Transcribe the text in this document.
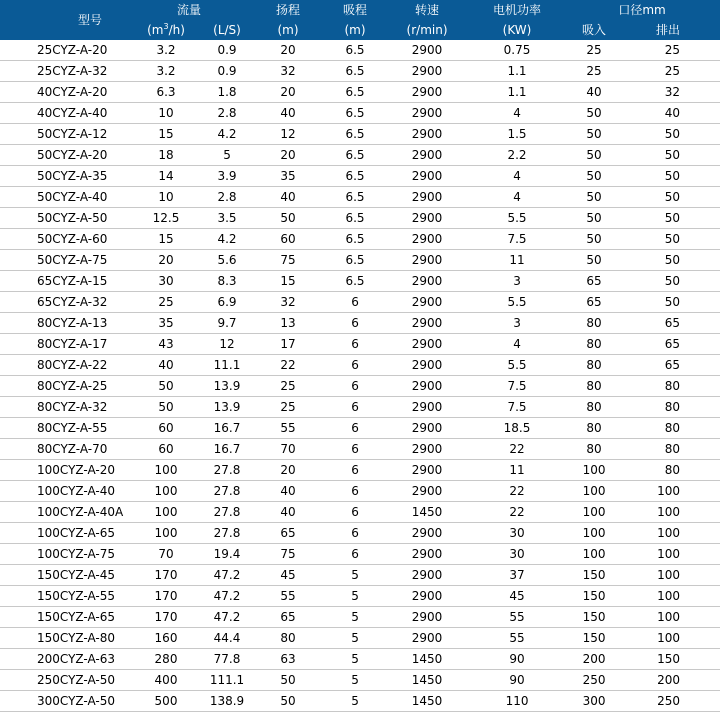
型号	流量		扬程	吸程	转速	电机功率	口径mm	
	$(m^3/h)$	(L/S)	(m)	(m)	(r/min)	(KW)	吸入	排出
25CYZ-A-20	3.2	0.9	20	6.5	2900	0.75	25	25
25CYZ-A-32	3.2	0.9	32	6.5	2900	1.1	25	25
40CYZ-A-20	6.3	1.8	20	6.5	2900	1.1	40	32
40CYZ-A-40	10	2.8	40	6.5	2900	4	50	40
50CYZ-A-12	15	4.2	12	6.5	2900	1.5	50	50
50CYZ-A-20	18	5	20	6.5	2900	2.2	50	50
50CYZ-A-35	14	3.9	35	6.5	2900	4	50	50
50CYZ-A-40	10	2.8	40	6.5	2900	4	50	50
50CYZ-A-50	12.5	3.5	50	6.5	2900	5.5	50	50
50CYZ-A-60	15	4.2	60	6.5	2900	7.5	50	50
50CYZ-A-75	20	5.6	75	6.5	2900	11	50	50
65CYZ-A-15	30	8.3	15	6.5	2900	3	65	50
65CYZ-A-32	25	6.9	32	6	2900	5.5	65	50
80CYZ-A-13	35	9.7	13	6	2900	3	80	65
80CYZ-A-17	43	12	17	6	2900	4	80	65
80CYZ-A-22	40	11.1	22	6	2900	5.5	80	65
80CYZ-A-25	50	13.9	25	6	2900	7.5	80	80
80CYZ-A-32	50	13.9	25	6	2900	7.5	80	80
80CYZ-A-55	60	16.7	55	6	2900	18.5	80	80
80CYZ-A-70	60	16.7	70	6	2900	22	80	80
100CYZ-A-20	100	27.8	20	6	2900	11	100	80
100CYZ-A-40	100	27.8	40	6	2900	22	100	100
100CYZ-A-40A	100	27.8	40	6	1450	22	100	100
100CYZ-A-65	100	27.8	65	6	2900	30	100	100
100CYZ-A-75	70	19.4	75	6	2900	30	100	100
150CYZ-A-45	170	47.2	45	5	2900	37	150	100
150CYZ-A-55	170	47.2	55	5	2900	45	150	100
150CYZ-A-65	170	47.2	65	5	2900	55	150	100
150CYZ-A-80	160	44.4	80	5	2900	55	150	100
200CYZ-A-63	280	77.8	63	5	1450	90	200	150
250CYZ-A-50	400	111.1	50	5	1450	90	250	200
300CYZ-A-50	500	138.9	50	5	1450	110	300	250
